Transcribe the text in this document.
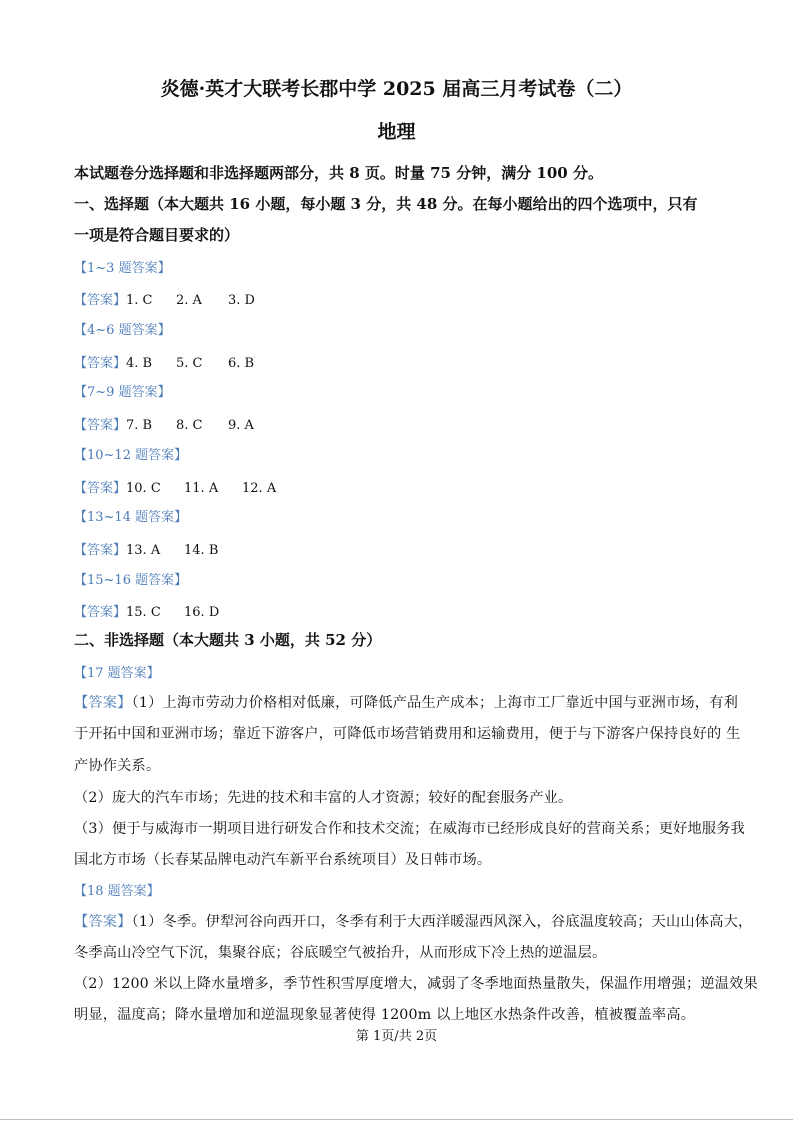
炎德·英才大联考长郡中学 2025 届高三月考试卷（二）
地理
本试题卷分选择题和非选择题两部分，共 8 页。时量 75 分钟，满分 100 分。
一、选择题（本大题共 16 小题，每小题 3 分，共 48 分。在每小题给出的四个选项中，只有
一项是符合题目要求的）
【1~3 题答案】
【答案】1. C 2. A 3. D
【4~6 题答案】
【答案】4. B 5. C 6. B
【7~9 题答案】
【答案】7. B 8. C 9. A
【10~12 题答案】
【答案】10. C 11. A 12. A
【13~14 题答案】
【答案】13. A 14. B
【15~16 题答案】
【答案】15. C 16. D
二、非选择题（本大题共 3 小题，共 52 分）
【17 题答案】
【答案】（1）上海市劳动力价格相对低廉，可降低产品生产成本；上海市工厂靠近中国与亚洲市场，有利
于开拓中国和亚洲市场；靠近下游客户，可降低市场营销费用和运输费用，便于与下游客户保持良好的 生
产协作关系。
（2）庞大的汽车市场；先进的技术和丰富的人才资源；较好的配套服务产业。
（3）便于与威海市一期项目进行研发合作和技术交流；在威海市已经形成良好的营商关系；更好地服务我
国北方市场（长春某品牌电动汽车新平台系统项目）及日韩市场。
【18 题答案】
【答案】（1）冬季。伊犁河谷向西开口，冬季有利于大西洋暖湿西风深入，谷底温度较高；天山山体高大，
冬季高山冷空气下沉，集聚谷底；谷底暖空气被抬升，从而形成下冷上热的逆温层。
（2）1200 米以上降水量增多，季节性积雪厚度增大，减弱了冬季地面热量散失，保温作用增强；逆温效果
明显，温度高；降水量增加和逆温现象显著使得 1200m 以上地区水热条件改善，植被覆盖率高。
第 1页/共 2页
